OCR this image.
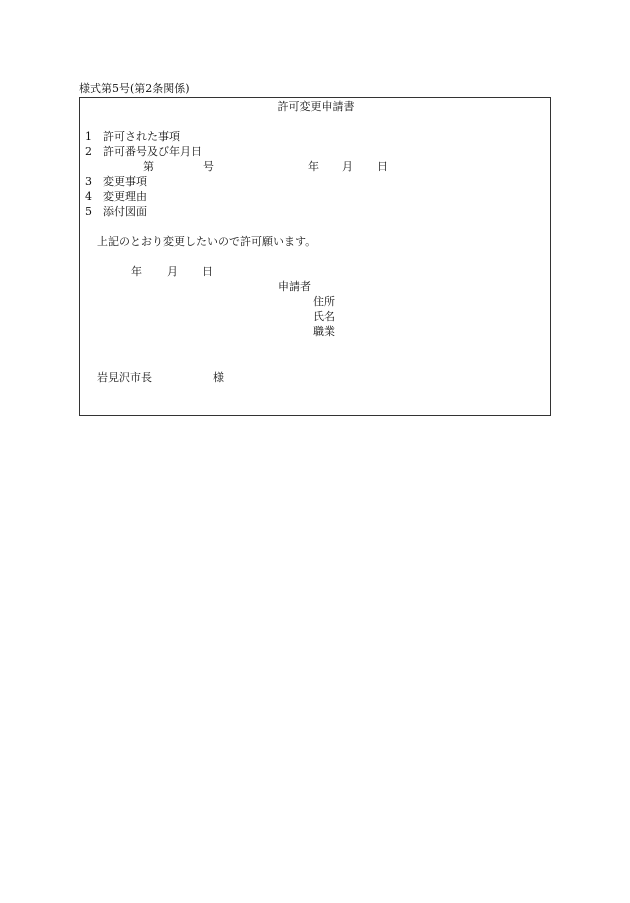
様式第5号(第2条関係)
許可変更申請書
1 許可された事項
2 許可番号及び年月日
第	号	年 月 日
3 変更事項
4 変更理由
5 添付図面
上記のとおり変更したいので許可願います。
年 月 日
申請者
住所
氏名
職業
岩見沢市長	様
